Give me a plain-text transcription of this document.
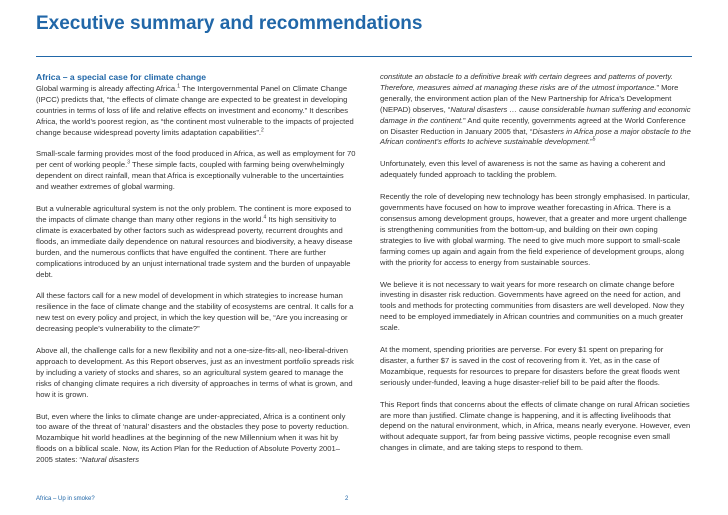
Executive summary and recommendations
Africa – a special case for climate change

Global warming is already affecting Africa.$^1$ The Intergovernmental Panel on Climate Change (IPCC) predicts that, “the effects of climate change are expected to be greatest in developing countries in terms of loss of life and relative effects on investment and economy.” It describes Africa, the world’s poorest region, as “the continent most vulnerable to the impacts of projected change because widespread poverty limits adaptation capabilities”.$^2$

Small-scale farming provides most of the food produced in Africa, as well as employment for 70 per cent of working people.$^3$ These simple facts, coupled with farming being overwhelmingly dependent on direct rainfall, mean that Africa is exceptionally vulnerable to the uncertainties and weather extremes of global warming.

But a vulnerable agricultural system is not the only problem. The continent is more exposed to the impacts of climate change than many other regions in the world.$^4$ Its high sensitivity to climate is exacerbated by other factors such as widespread poverty, recurrent droughts and floods, an immediate daily dependence on natural resources and biodiversity, a heavy disease burden, and the numerous conflicts that have engulfed the continent. There are further complications introduced by an unjust international trade system and the burden of unpayable debt.

All these factors call for a new model of development in which strategies to increase human resilience in the face of climate change and the stability of ecosystems are central. It calls for a new test on every policy and project, in which the key question will be, “Are you increasing or decreasing people’s vulnerability to the climate?”

Above all, the challenge calls for a new flexibility and not a one-size-fits-all, neo-liberal-driven approach to development. As this Report observes, just as an investment portfolio spreads risk by including a variety of stocks and shares, so an agricultural system geared to manage the risks of changing climate requires a rich diversity of approaches in terms of what is grown, and how it is grown.

But, even where the links to climate change are under-appreciated, Africa is a continent only too aware of the threat of ‘natural’ disasters and the obstacles they pose to poverty reduction. Mozambique hit world headlines at the beginning of the new Millennium when it was hit by floods on a biblical scale. Now, its Action Plan for the Reduction of Absolute Poverty 2001–2005 states: “Natural disasters

constitute an obstacle to a definitive break with certain degrees and patterns of poverty. Therefore, measures aimed at managing these risks are of the utmost importance.” More generally, the environment action plan of the New Partnership for Africa’s Development (NEPAD) observes, “Natural disasters … cause considerable human suffering and economic damage in the continent.” And quite recently, governments agreed at the World Conference on Disaster Reduction in January 2005 that, “Disasters in Africa pose a major obstacle to the African continent’s efforts to achieve sustainable development.”$^5$

Unfortunately, even this level of awareness is not the same as having a coherent and adequately funded approach to tackling the problem.

Recently the role of developing new technology has been strongly emphasised. In particular, governments have focused on how to improve weather forecasting in Africa. There is a consensus among development groups, however, that a greater and more urgent challenge is strengthening communities from the bottom-up, and building on their own coping strategies to live with global warming. The need to give much more support to small-scale farming comes up again and again from the field experience of development groups, along with the priority for access to energy from sustainable sources.

We believe it is not necessary to wait years for more research on climate change before investing in disaster risk reduction. Governments have agreed on the need for action, and tools and methods for protecting communities from disasters are well developed. Now they need to be employed immediately in African countries and communities on a much greater scale.

At the moment, spending priorities are perverse. For every $1 spent on preparing for disaster, a further $7 is saved in the cost of recovering from it. Yet, as in the case of Mozambique, requests for resources to prepare for disasters before the great floods went seriously under-funded, leaving a huge disaster-relief bill to be paid after the floods.

This Report finds that concerns about the effects of climate change on rural African societies are more than justified. Climate change is happening, and it is affecting livelihoods that depend on the natural environment, which, in Africa, means nearly everyone. However, even without adequate support, far from being passive victims, people recognise even small changes in climate, and are taking steps to respond to them.

Africa – Up in smoke?	2
